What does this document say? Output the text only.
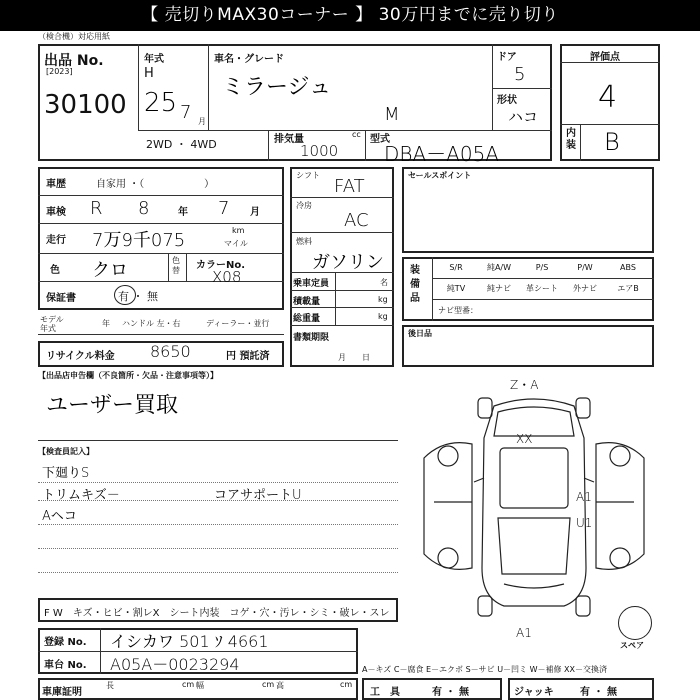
【 売切りMAX30コーナー 】 30万円までに売り切り
（検合機）対応用紙
出品 No.
[2023]
30100
年式
H
25 7 月
車名・グレード
ミラージュ
M
ドア
5
形状
ハコ
2WD ・ 4WD	排気量	cc
1000
型式
DBA－A05A
評価点
4
内装 B
車歴	自家用 ・（　　　　　　）
車検 R 8	年 7 月
走行 7万9千075	km
マイル
色 クロ	色替 カラーNo.
X08
保証書	有 ・ 無
モデル年式
年 ハンドル 左・右	ディーラー・並行
リサイクル料金 8650	円 預託済
シフト
FAT
冷房
AC
燃料
ガソリン
乗車定員	名
積載量	kg
総重量	kg
書類期限
月　　日
セールスポイント
装備品
S/R	純A/W	P/S	P/W	ABS
純TV	純ナビ	革シート	外ナビ	エアB
ナビ型番：
後日品
【出品店申告欄（不良箇所・欠品・注意事項等）】
ユーザー買取
【検査員記入】
下廻りS
トリムキズ－
Aヘコ
コアサポートU
Z・A
XX
A1
U1
A1
スペア
F W　キズ・ヒビ・割レX　シート内装　コゲ・穴・汚レ・シミ・破レ・スレ
登録 No. イシカワ 501 ｿ 4661
車台 No. A05A－0023294	A－キズ C－腐食 E－エクボ S－サビ U－凹ミ W－補修 XX－交換済
車庫証明
長	cm 幅	cm 高	cm
工　具	有 ・ 無	ジャッキ	有 ・ 無
